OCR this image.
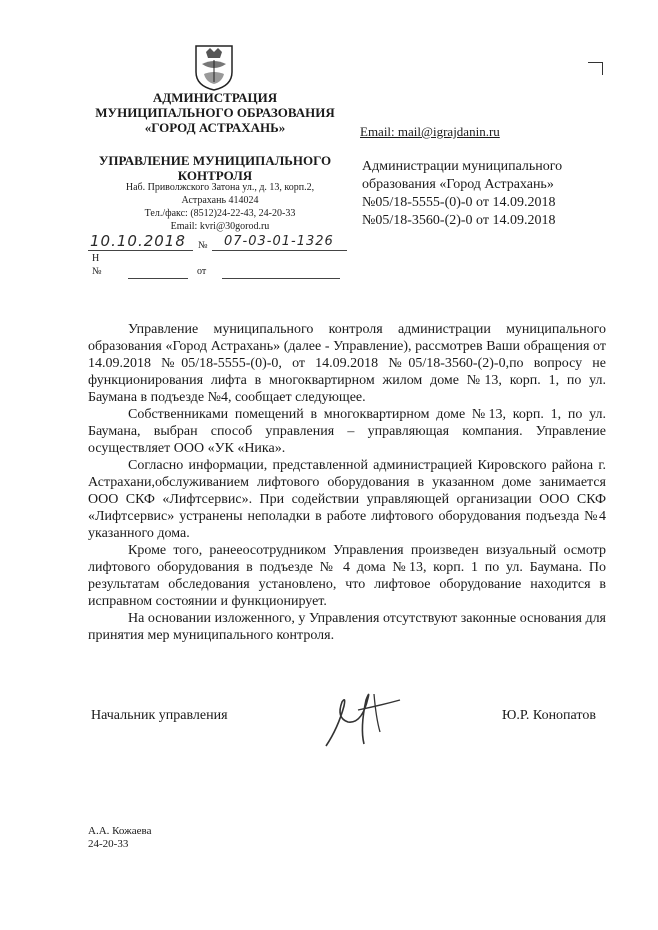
АДМИНИСТРАЦИЯ
МУНИЦИПАЛЬНОГО ОБРАЗОВАНИЯ
«ГОРОД АСТРАХАНЬ»
УПРАВЛЕНИЕ МУНИЦИПАЛЬНОГО
КОНТРОЛЯ
Наб. Приволжского Затона ул., д. 13, корп.2,
Астрахань 414024
Тел./факс: (8512)24-22-43, 24-20-33
Email: kvri@30gorod.ru
10.10.2018 № 07-03-01-1326
Н
№	от
Email: mail@igrajdanin.ru
Администрации муниципального
образования «Город Астрахань»
№05/18-5555-(0)-0 от 14.09.2018
№05/18-3560-(2)-0 от 14.09.2018

Управление муниципального контроля администрации муниципального образования «Город Астрахань» (далее - Управление), рассмотрев Ваши обращения от 14.09.2018 №05/18-5555-(0)-0, от 14.09.2018 №05/18-3560-(2)-0,по вопросу не функционирования лифта в многоквартирном жилом доме №13, корп. 1, по ул. Баумана в подъезде №4, сообщает следующее.

Собственниками помещений в многоквартирном доме №13, корп. 1, по ул. Баумана, выбран способ управления – управляющая компания. Управление осуществляет ООО «УК «Ника».

Согласно информации, представленной администрацией Кировского района г. Астрахани,обслуживанием лифтового оборудования в указанном доме занимается ООО СКФ «Лифтсервис». При содействии управляющей организации ООО СКФ «Лифтсервис» устранены неполадки в работе лифтового оборудования подъезда №4 указанного дома.

Кроме того, ранееосотрудником Управления произведен визуальный осмотр лифтового оборудования в подъезде № 4 дома №13, корп. 1 по ул. Баумана. По результатам обследования установлено, что лифтовое оборудование находится в исправном состоянии и функционирует.

На основании изложенного, у Управления отсутствуют законные основания для принятия мер муниципального контроля.

Начальник управления	Ю.Р. Конопатов
А.А. Кожаева
24-20-33
